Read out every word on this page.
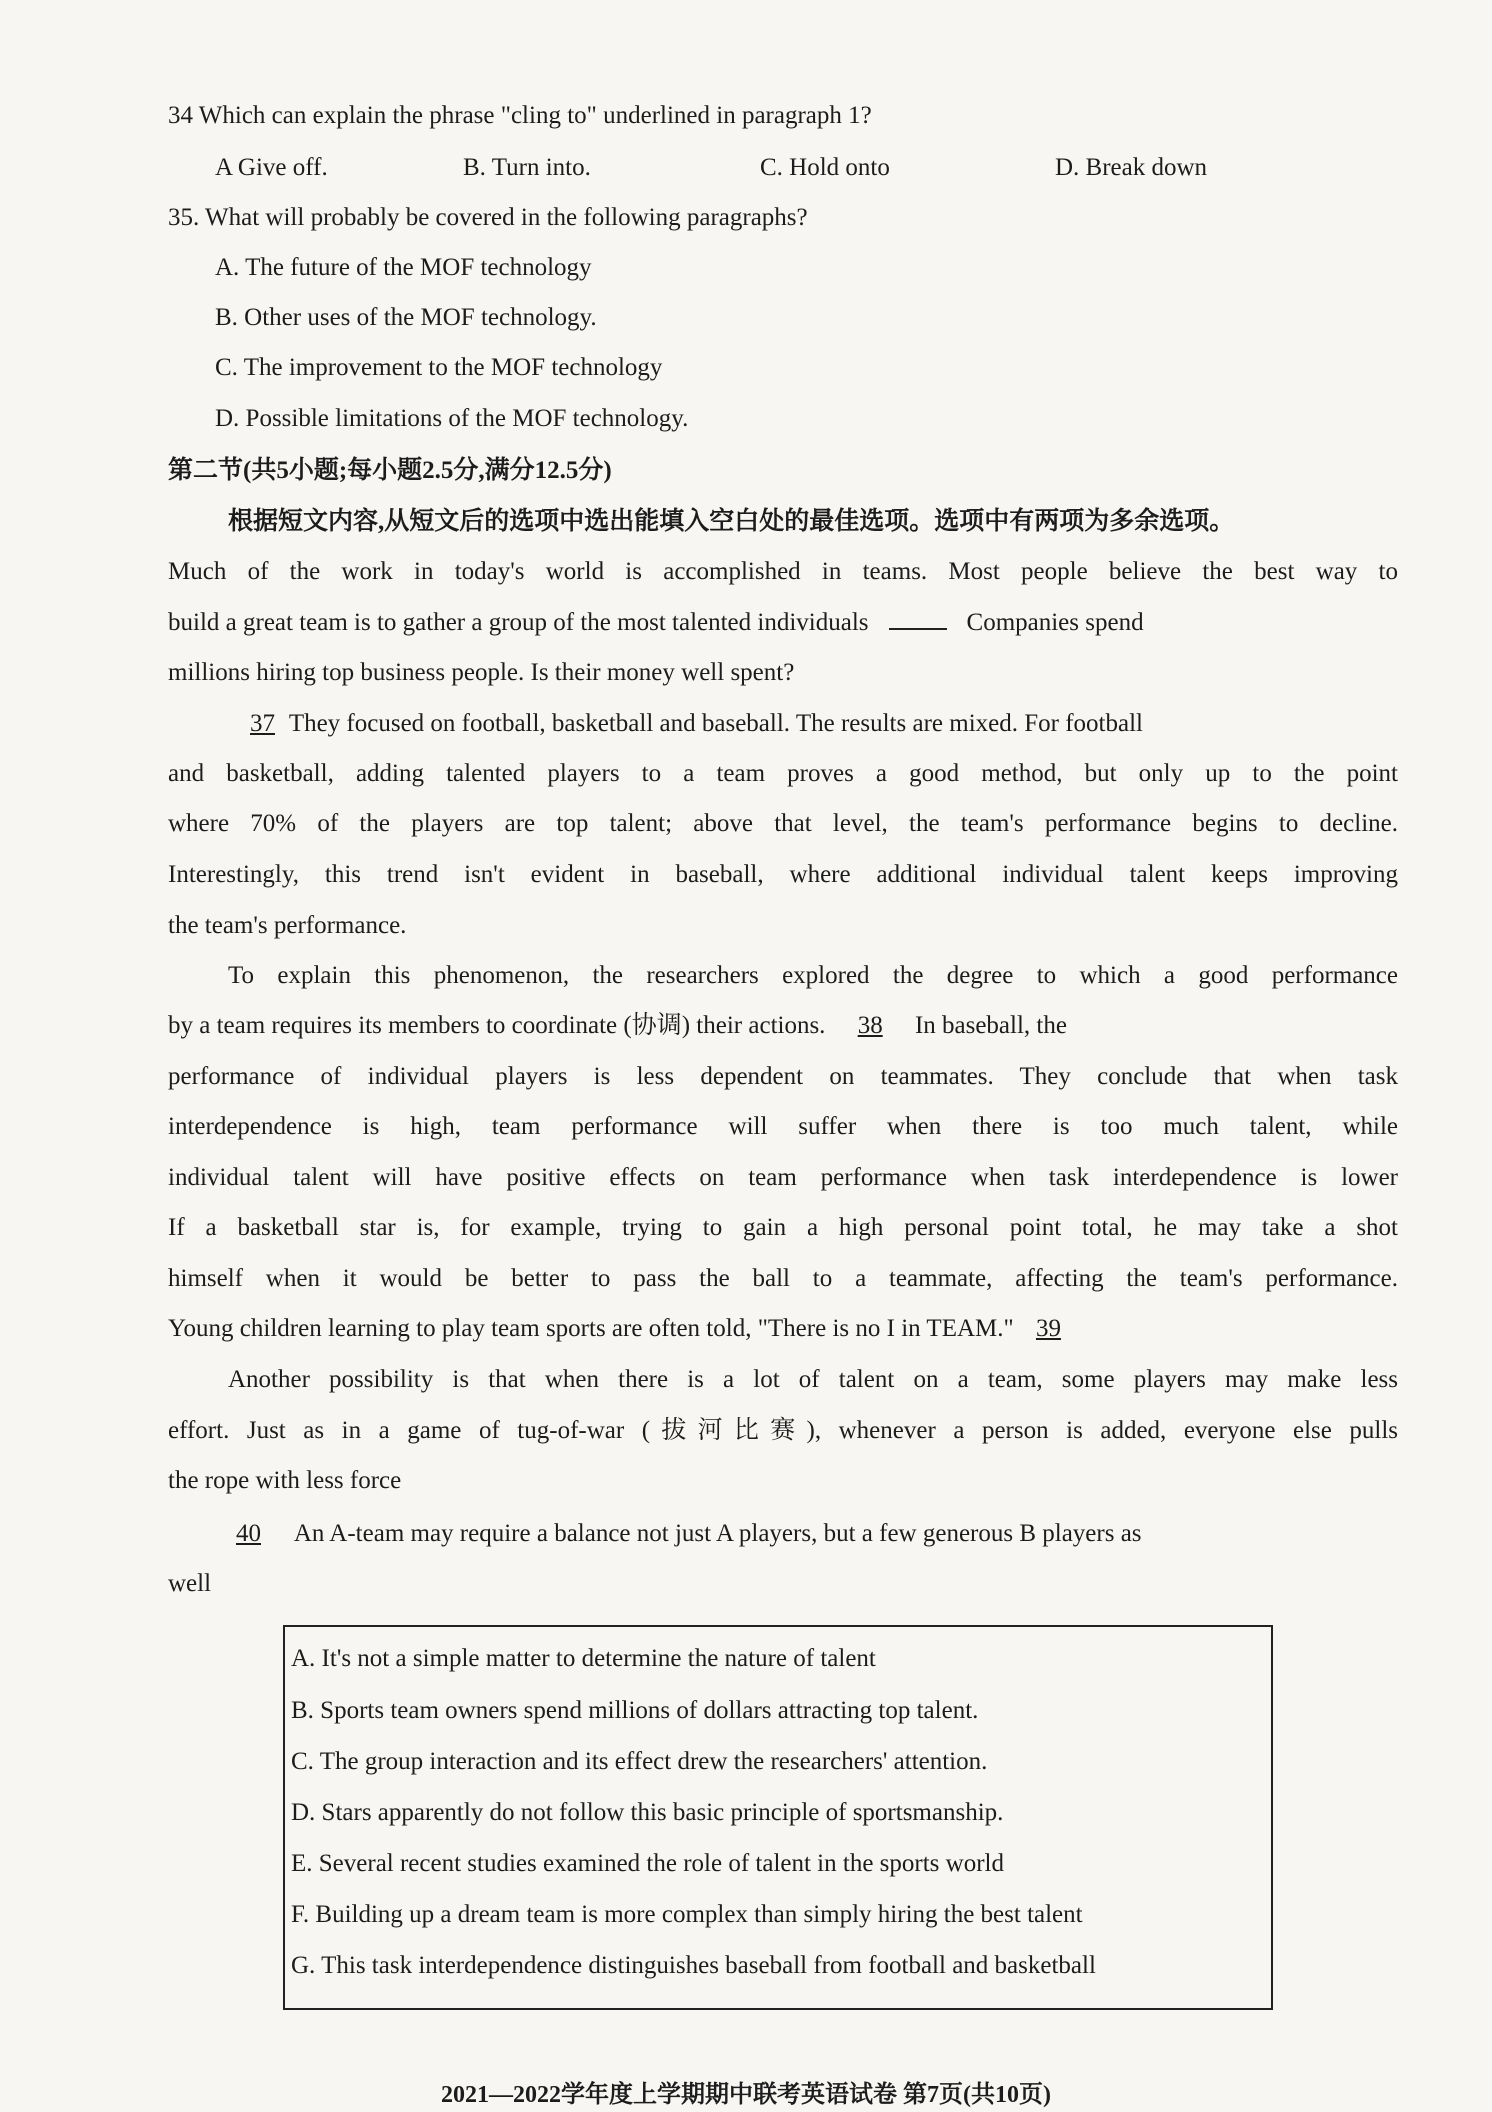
34 Which can explain the phrase "cling to" underlined in paragraph 1?
A Give off.	B. Turn into.	C. Hold onto	D. Break down
35. What will probably be covered in the following paragraphs?
A. The future of the MOF technology
B. Other uses of the MOF technology.
C. The improvement to the MOF technology
D. Possible limitations of the MOF technology.
第二节(共5小题;每小题2.5分,满分12.5分)
根据短文内容,从短文后的选项中选出能填入空白处的最佳选项。选项中有两项为多余选项。
Much of the work in today's world is accomplished in teams. Most people believe the best way to
build a great team is to gather a group of the most talented individuals	Companies spend
millions hiring top business people. Is their money well spent?
37 They focused on football, basketball and baseball. The results are mixed. For football
and basketball, adding talented players to a team proves a good method, but only up to the point
where 70% of the players are top talent; above that level, the team's performance begins to decline.
Interestingly, this trend isn't evident in baseball, where additional individual talent keeps improving
the team's performance.
To explain this phenomenon, the researchers explored the degree to which a good performance
by a team requires its members to coordinate (协调) their actions. 38 In baseball, the
performance of individual players is less dependent on teammates. They conclude that when task
interdependence is high, team performance will suffer when there is too much talent, while
individual talent will have positive effects on team performance when task interdependence is lower
If a basketball star is, for example, trying to gain a high personal point total, he may take a shot
himself when it would be better to pass the ball to a teammate, affecting the team's performance.
Young children learning to play team sports are often told, "There is no I in TEAM." 39
Another possibility is that when there is a lot of talent on a team, some players may make less
effort. Just as in a game of tug-of-war (拔河比赛), whenever a person is added, everyone else pulls
the rope with less force
40 An A-team may require a balance not just A players, but a few generous B players as
well
A. It's not a simple matter to determine the nature of talent
B. Sports team owners spend millions of dollars attracting top talent.
C. The group interaction and its effect drew the researchers' attention.
D. Stars apparently do not follow this basic principle of sportsmanship.
E. Several recent studies examined the role of talent in the sports world
F. Building up a dream team is more complex than simply hiring the best talent
G. This task interdependence distinguishes baseball from football and basketball
2021—2022学年度上学期期中联考英语试卷 第7页(共10页)
